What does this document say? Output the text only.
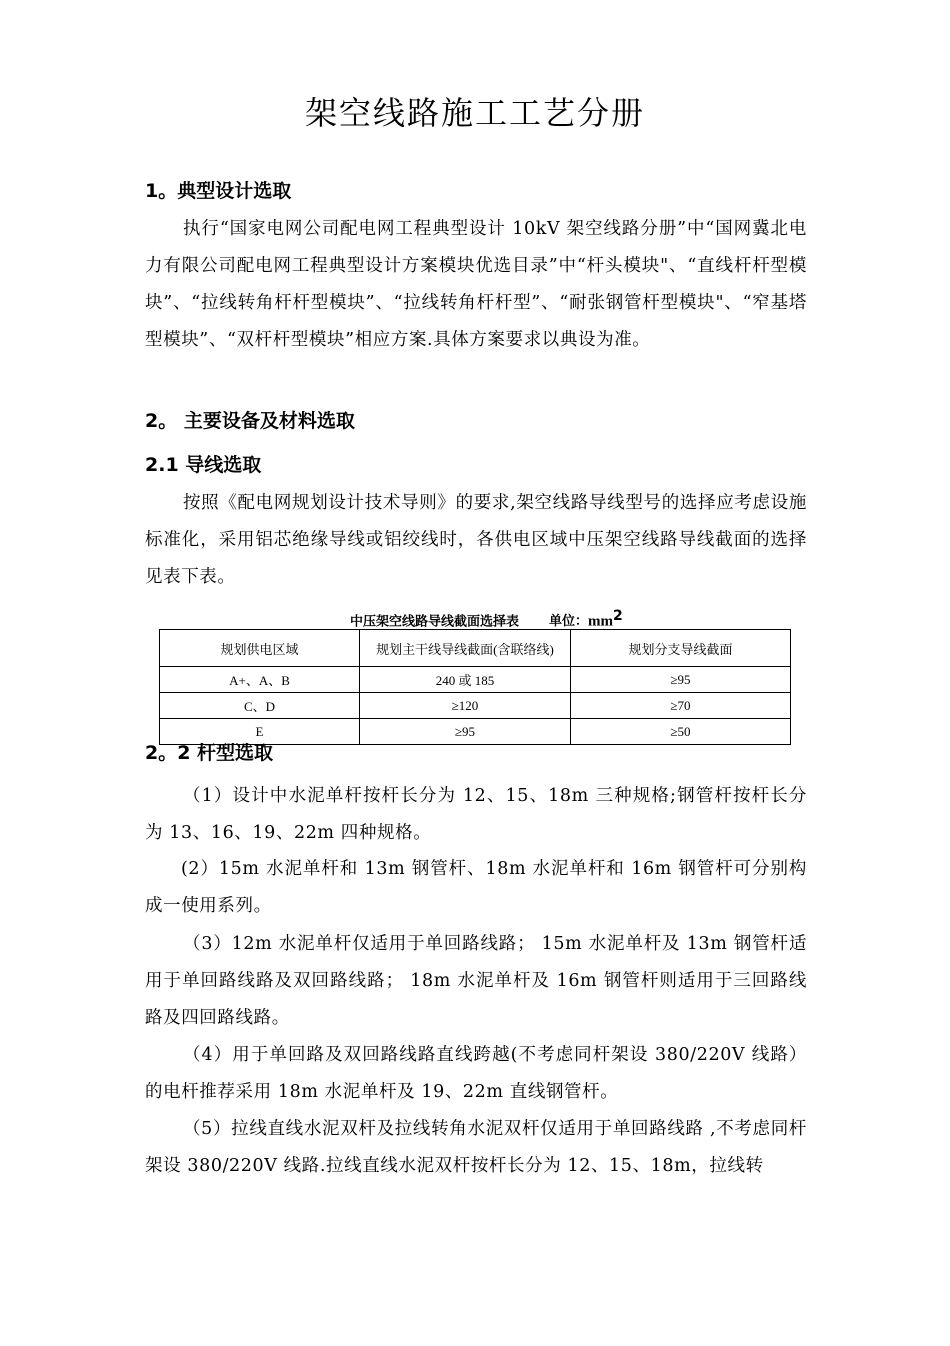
架空线路施工工艺分册
1。典型设计选取
执行“国家电网公司配电网工程典型设计 10kV 架空线路分册”中“国网冀北电力有限公司配电网工程典型设计方案模块优选目录”中“杆头模块"、“直线杆杆型模块”、“拉线转角杆杆型模块”、“拉线转角杆杆型”、“耐张钢管杆型模块"、“窄基塔型模块”、“双杆杆型模块”相应方案.具体方案要求以典设为准。
2。 主要设备及材料选取
2.1 导线选取
按照《配电网规划设计技术导则》的要求,架空线路导线型号的选择应考虑设施标准化，采用铝芯绝缘导线或铝绞线时，各供电区域中压架空线路导线截面的选择见表下表。
中压架空线路导线截面选择表 单位：$mm^2$
规划供电区域	规划主干线导线截面(含联络线)	规划分支导线截面
A+、A、B	240 或 185	≥95
C、D	≥120	≥70
E	≥95	≥50
2。2 杆型选取
（1）设计中水泥单杆按杆长分为 12、15、18m 三种规格;钢管杆按杆长分为 13、16、19、22m 四种规格。
(2）15m 水泥单杆和 13m 钢管杆、18m 水泥单杆和 16m 钢管杆可分别构成一使用系列。
（3）12m 水泥单杆仅适用于单回路线路； 15m 水泥单杆及 13m 钢管杆适用于单回路线路及双回路线路； 18m 水泥单杆及 16m 钢管杆则适用于三回路线路及四回路线路。
（4）用于单回路及双回路线路直线跨越(不考虑同杆架设 380/220V 线路）的电杆推荐采用 18m 水泥单杆及 19、22m 直线钢管杆。
（5）拉线直线水泥双杆及拉线转角水泥双杆仅适用于单回路线路 ,不考虑同杆架设 380/220V 线路.拉线直线水泥双杆按杆长分为 12、15、18m，拉线转
